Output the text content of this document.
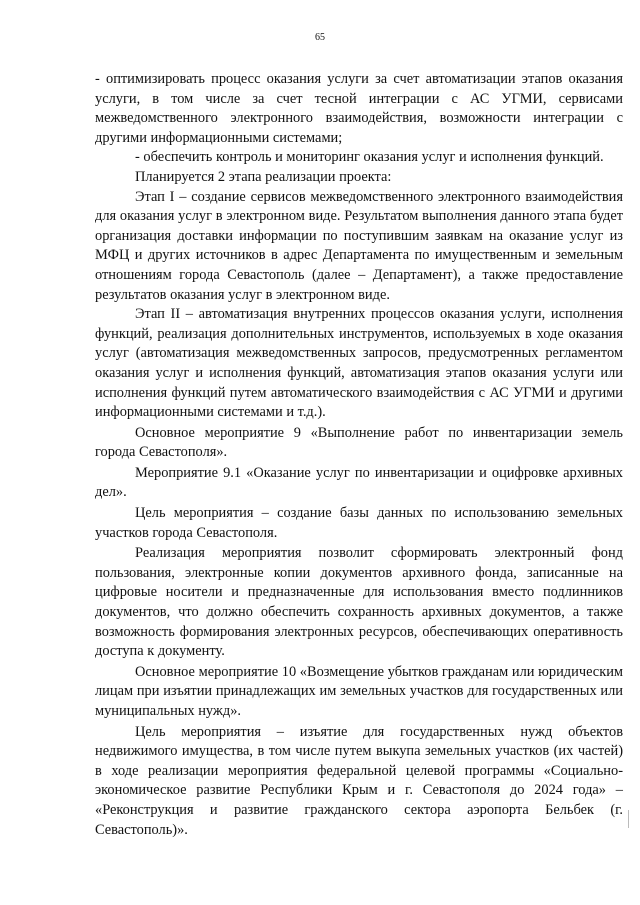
65

- оптимизировать процесс оказания услуги за счет автоматизации этапов оказания услуги, в том числе за счет тесной интеграции с АС УГМИ, сервисами межведомственного электронного взаимодействия, возможности интеграции с другими информационными системами;

- обеспечить контроль и мониторинг оказания услуг и исполнения функций.

Планируется 2 этапа реализации проекта:

Этап I – создание сервисов межведомственного электронного взаимодействия для оказания услуг в электронном виде. Результатом выполнения данного этапа будет организация доставки информации по поступившим заявкам на оказание услуг из МФЦ и других источников в адрес Департамента по имущественным и земельным отношениям города Севастополь (далее – Департамент), а также предоставление результатов оказания услуг в электронном виде.

Этап II – автоматизация внутренних процессов оказания услуги, исполнения функций, реализация дополнительных инструментов, используемых в ходе оказания услуг (автоматизация межведомственных запросов, предусмотренных регламентом оказания услуг и исполнения функций, автоматизация этапов оказания услуги или исполнения функций путем автоматического взаимодействия с АС УГМИ и другими информационными системами и т.д.).

Основное мероприятие 9 «Выполнение работ по инвентаризации земель города Севастополя».

Мероприятие 9.1 «Оказание услуг по инвентаризации и оцифровке архивных дел».

Цель мероприятия – создание базы данных по использованию земельных участков города Севастополя.

Реализация мероприятия позволит сформировать электронный фонд пользования, электронные копии документов архивного фонда, записанные на цифровые носители и предназначенные для использования вместо подлинников документов, что должно обеспечить сохранность архивных документов, а также возможность формирования электронных ресурсов, обеспечивающих оперативность доступа к документу.

Основное мероприятие 10 «Возмещение убытков гражданам или юридическим лицам при изъятии принадлежащих им земельных участков для государственных или муниципальных нужд».

Цель мероприятия – изъятие для государственных нужд объектов недвижимого имущества, в том числе путем выкупа земельных участков (их частей) в ходе реализации мероприятия федеральной целевой программы «Социально-экономическое развитие Республики Крым и г. Севастополя до 2024 года» – «Реконструкция и развитие гражданского сектора аэропорта Бельбек (г. Севастополь)».
